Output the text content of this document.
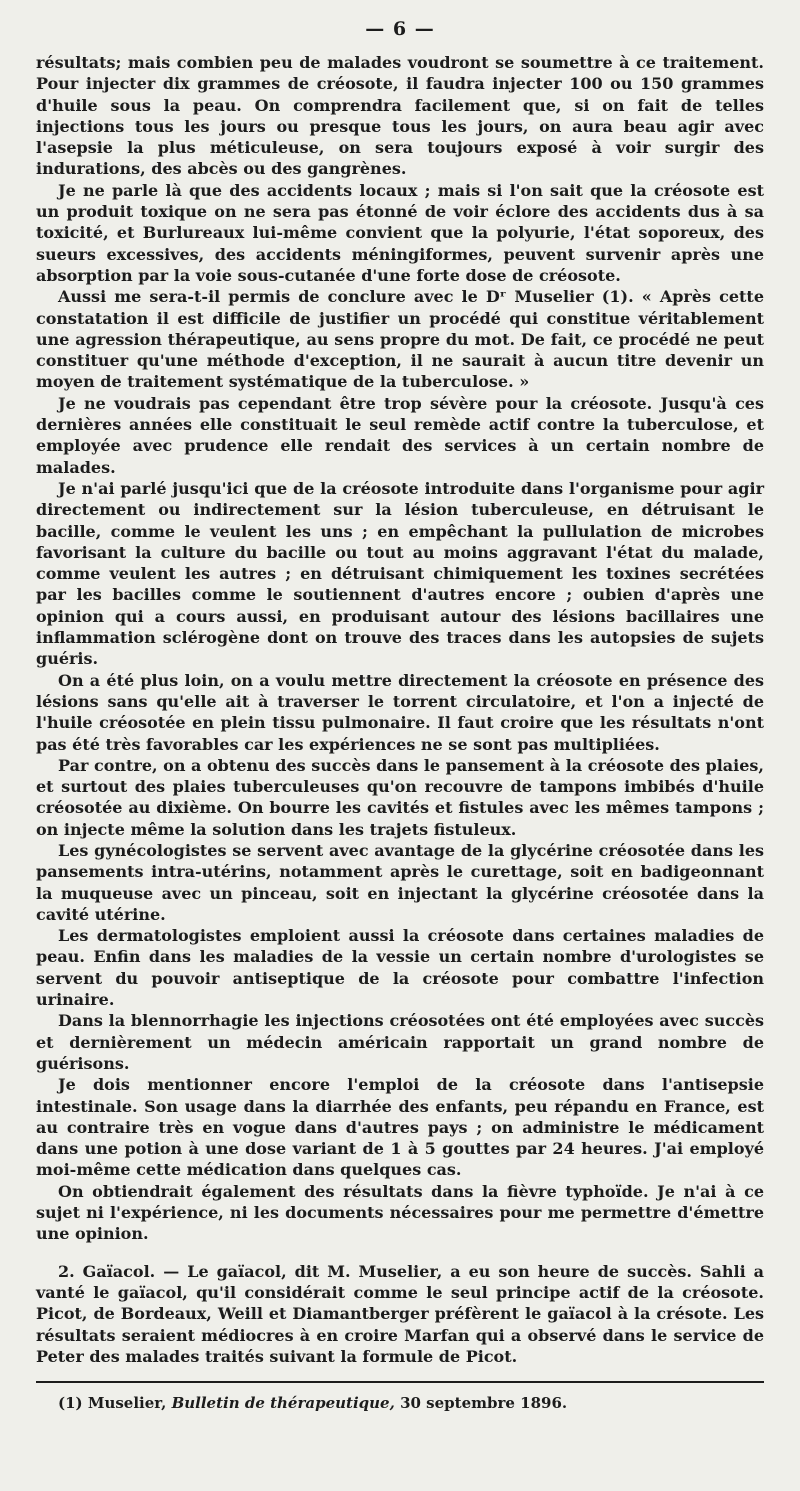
— 6 —

résultats; mais combien peu de malades voudront se soumettre à ce traitement. Pour injecter dix grammes de créosote, il faudra injecter 100 ou 150 grammes d'huile sous la peau. On comprendra facilement que, si on fait de telles injections tous les jours ou presque tous les jours, on aura beau agir avec l'asepsie la plus méticuleuse, on sera toujours exposé à voir surgir des indurations, des abcès ou des gangrènes.

Je ne parle là que des accidents locaux ; mais si l'on sait que la créosote est un produit toxique on ne sera pas étonné de voir éclore des accidents dus à sa toxicité, et Burlureaux lui-même convient que la polyurie, l'état soporeux, des sueurs excessives, des accidents méningiformes, peuvent survenir après une absorption par la voie sous-cutanée d'une forte dose de créosote.

Aussi me sera-t-il permis de conclure avec le Dʳ Muselier (1). « Après cette constatation il est difficile de justifier un procédé qui constitue véritablement une agression thérapeutique, au sens propre du mot. De fait, ce procédé ne peut constituer qu'une méthode d'exception, il ne saurait à aucun titre devenir un moyen de traitement systématique de la tuberculose. »

Je ne voudrais pas cependant être trop sévère pour la créosote. Jusqu'à ces dernières années elle constituait le seul remède actif contre la tuberculose, et employée avec prudence elle rendait des services à un certain nombre de malades.

Je n'ai parlé jusqu'ici que de la créosote introduite dans l'organisme pour agir directement ou indirectement sur la lésion tuberculeuse, en détruisant le bacille, comme le veulent les uns ; en empêchant la pullulation de microbes favorisant la culture du bacille ou tout au moins aggravant l'état du malade, comme veulent les autres ; en détruisant chimiquement les toxines secrétées par les bacilles comme le soutiennent d'autres encore ; oubien d'après une opinion qui a cours aussi, en produisant autour des lésions bacillaires une inflammation sclérogène dont on trouve des traces dans les autopsies de sujets guéris.

On a été plus loin, on a voulu mettre directement la créosote en présence des lésions sans qu'elle ait à traverser le torrent circulatoire, et l'on a injecté de l'huile créosotée en plein tissu pulmonaire. Il faut croire que les résultats n'ont pas été très favorables car les expériences ne se sont pas multipliées.

Par contre, on a obtenu des succès dans le pansement à la créosote des plaies, et surtout des plaies tuberculeuses qu'on recouvre de tampons imbibés d'huile créosotée au dixième. On bourre les cavités et fistules avec les mêmes tampons ; on injecte même la solution dans les trajets fistuleux.

Les gynécologistes se servent avec avantage de la glycérine créosotée dans les pansements intra-utérins, notamment après le curettage, soit en badigeonnant la muqueuse avec un pinceau, soit en injectant la glycérine créosotée dans la cavité utérine.

Les dermatologistes emploient aussi la créosote dans certaines maladies de peau. Enfin dans les maladies de la vessie un certain nombre d'urologistes se servent du pouvoir antiseptique de la créosote pour combattre l'infection urinaire.

Dans la blennorrhagie les injections créosotées ont été employées avec succès et dernièrement un médecin américain rapportait un grand nombre de guérisons.

Je dois mentionner encore l'emploi de la créosote dans l'antisepsie intestinale. Son usage dans la diarrhée des enfants, peu répandu en France, est au contraire très en vogue dans d'autres pays ; on administre le médicament dans une potion à une dose variant de 1 à 5 gouttes par 24 heures. J'ai employé moi-même cette médication dans quelques cas.

On obtiendrait également des résultats dans la fièvre typhoïde. Je n'ai à ce sujet ni l'expérience, ni les documents nécessaires pour me permettre d'émettre une opinion.

2. Gaïacol. — Le gaïacol, dit M. Muselier, a eu son heure de succès. Sahli a vanté le gaïacol, qu'il considérait comme le seul principe actif de la créosote. Picot, de Bordeaux, Weill et Diamantberger préfèrent le gaïacol à la crésote. Les résultats seraient médiocres à en croire Marfan qui a observé dans le service de Peter des malades traités suivant la formule de Picot.

(1) Muselier, Bulletin de thérapeutique, 30 septembre 1896.
